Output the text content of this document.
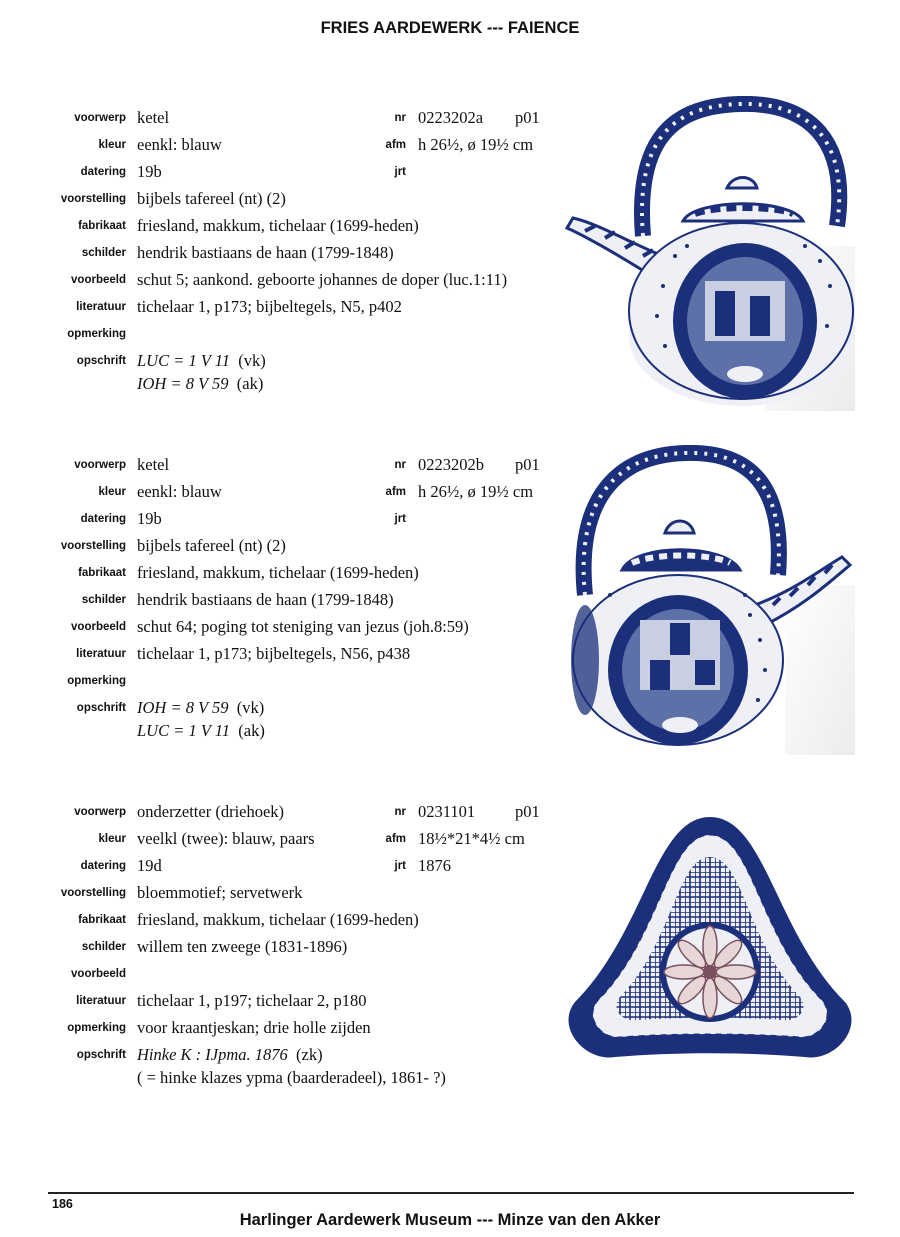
FRIES AARDEWERK --- FAIENCE
voorwerp ketel	nr 0223202a p01
kleur eenkl: blauw	afm h 26½, ø 19½ cm
datering 19b	jrt
voorstelling bijbels tafereel (nt) (2)
fabrikaat friesland, makkum, tichelaar (1699-heden)
schilder hendrik bastiaans de haan (1799-1848)
voorbeeld schut 5; aankond. geboorte johannes de doper (luc.1:11)
literatuur tichelaar 1, p173; bijbeltegels, N5, p402
opmerking
opschrift LUC = 1 V 11 (vk)
IOH = 8 V 59 (ak)
voorwerp ketel	nr 0223202b p01
kleur eenkl: blauw	afm h 26½, ø 19½ cm
datering 19b	jrt
voorstelling bijbels tafereel (nt) (2)
fabrikaat friesland, makkum, tichelaar (1699-heden)
schilder hendrik bastiaans de haan (1799-1848)
voorbeeld schut 64; poging tot steniging van jezus (joh.8:59)
literatuur tichelaar 1, p173; bijbeltegels, N56, p438
opmerking
opschrift IOH = 8 V 59 (vk)
LUC = 1 V 11 (ak)
voorwerp onderzetter (driehoek)	nr 0231101 p01
kleur veelkl (twee): blauw, paars	afm 18½*21*4½ cm
datering 19d	jrt 1876
voorstelling bloemmotief; servetwerk
fabrikaat friesland, makkum, tichelaar (1699-heden)
schilder willem ten zweege (1831-1896)
voorbeeld
literatuur tichelaar 1, p197; tichelaar 2, p180
opmerking voor kraantjeskan; drie holle zijden
opschrift Hinke K : IJpma. 1876 (zk)
( = hinke klazes ypma (baarderadeel), 1861- ?)
186
Harlinger Aardewerk Museum --- Minze van den Akker
